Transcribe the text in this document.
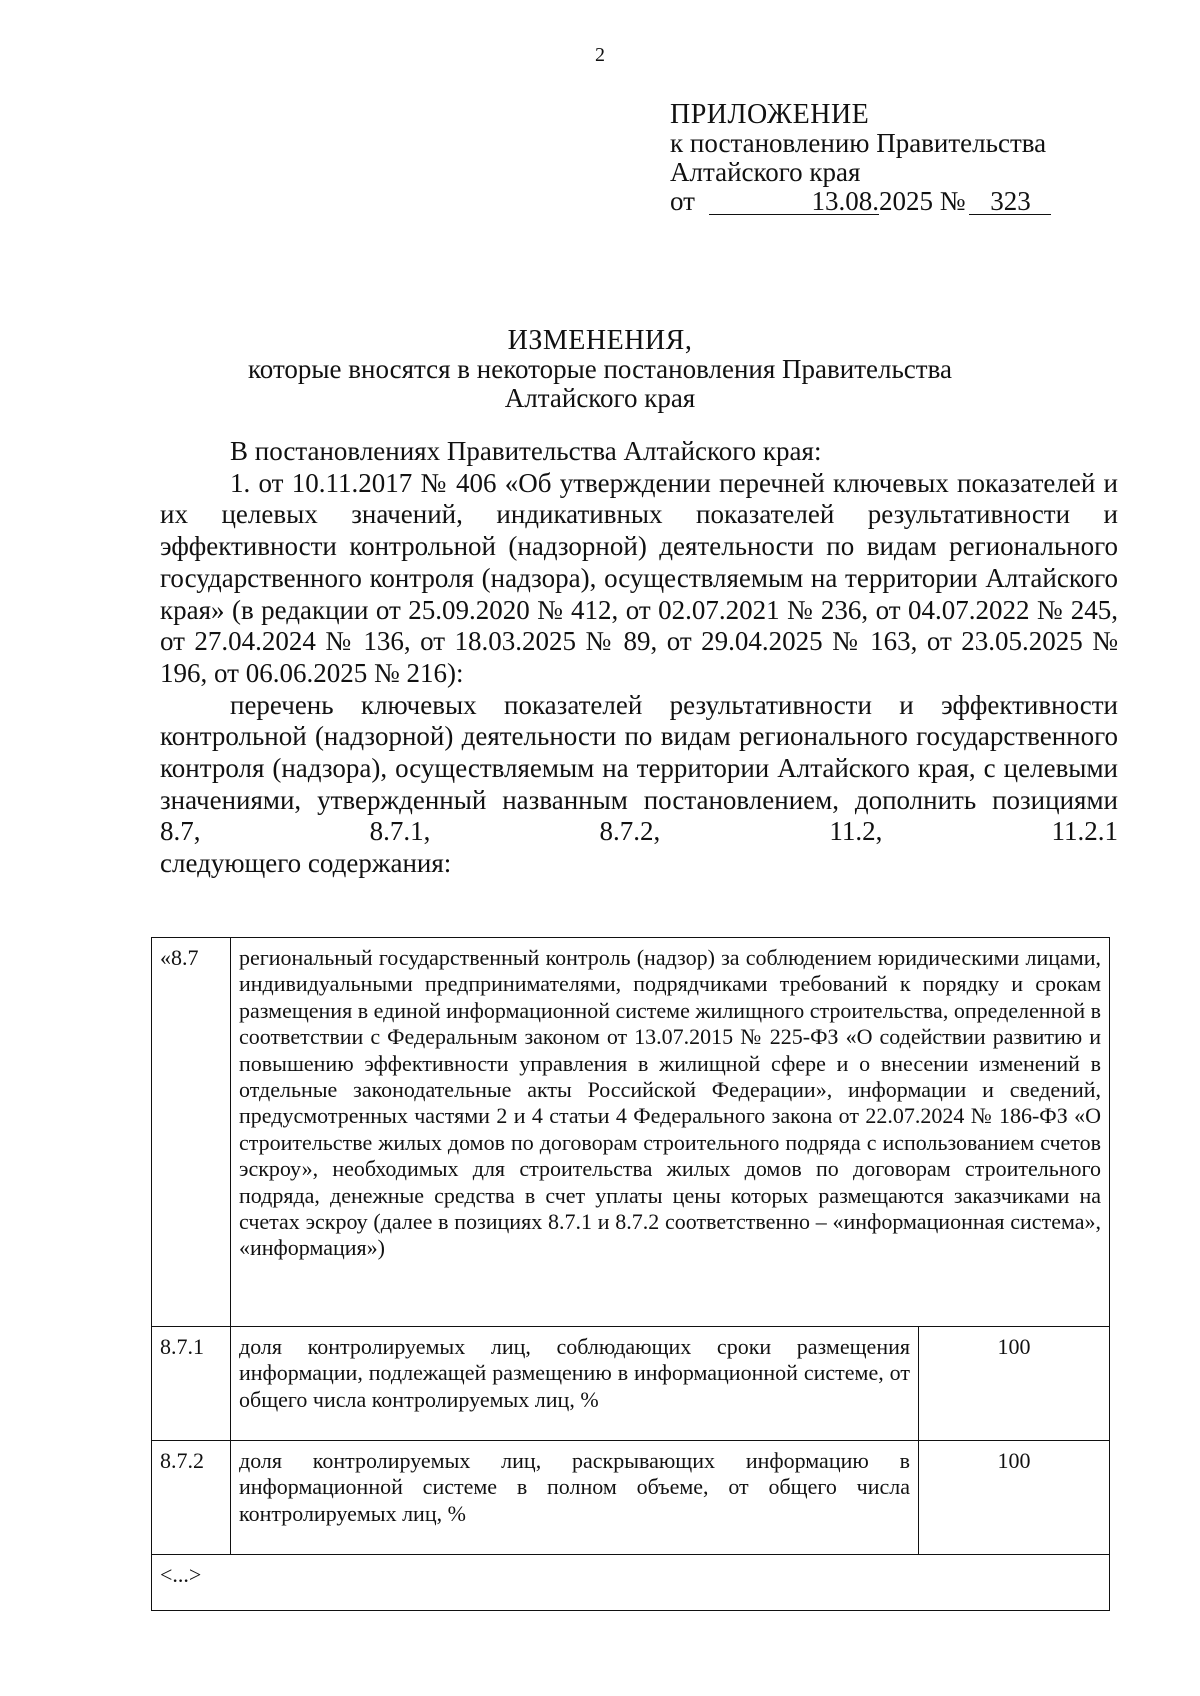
2
ПРИЛОЖЕНИЕ
к постановлению Правительства
Алтайского края
от	13.08. 2025 № 323
ИЗМЕНЕНИЯ,
которые вносятся в некоторые постановления Правительства
Алтайского края

В постановлениях Правительства Алтайского края:

1. от 10.11.2017 № 406 «Об утверждении перечней ключевых показателей и их целевых значений, индикативных показателей результативности и эффективности контрольной (надзорной) деятельности по видам регионального государственного контроля (надзора), осуществляемым на территории Алтайского края» (в редакции от 25.09.2020 № 412, от 02.07.2021 № 236, от 04.07.2022 № 245, от 27.04.2024 № 136, от 18.03.2025 № 89, от 29.04.2025 № 163, от 23.05.2025 № 196, от 06.06.2025 № 216):

перечень ключевых показателей результативности и эффективности контрольной (надзорной) деятельности по видам регионального государственного контроля (надзора), осуществляемым на территории Алтайского края, с целевыми значениями, утвержденный названным постановлением, дополнить позициями 8.7, 8.7.1, 8.7.2, 11.2, 11.2.1

следующего содержания:

«8.7	региональный государственный контроль (надзор) за соблюдением юридическими лицами, индивидуальными предпринимателями, подрядчиками требований к порядку и срокам размещения в единой информационной системе жилищного строительства, определенной в соответствии с Федеральным законом от 13.07.2015 № 225-ФЗ «О содействии развитию и повышению эффективности управления в жилищной сфере и о внесении изменений в отдельные законодательные акты Российской Федерации», информации и сведений, предусмотренных частями 2 и 4 статьи 4 Федерального закона от 22.07.2024 № 186-ФЗ «О строительстве жилых домов по договорам строительного подряда с использованием счетов эскроу», необходимых для строительства жилых домов по договорам строительного подряда, денежные средства в счет уплаты цены которых размещаются заказчиками на счетах эскроу (далее в позициях 8.7.1 и 8.7.2 соответственно – «информационная система», «информация»)	
8.7.1	доля контролируемых лиц, соблюдающих сроки размещения информации, подлежащей размещению в информационной системе, от общего числа контролируемых лиц, %	100
8.7.2	доля контролируемых лиц, раскрывающих информацию в информационной системе в полном объеме, от общего числа контролируемых лиц, %	100
<...>		
